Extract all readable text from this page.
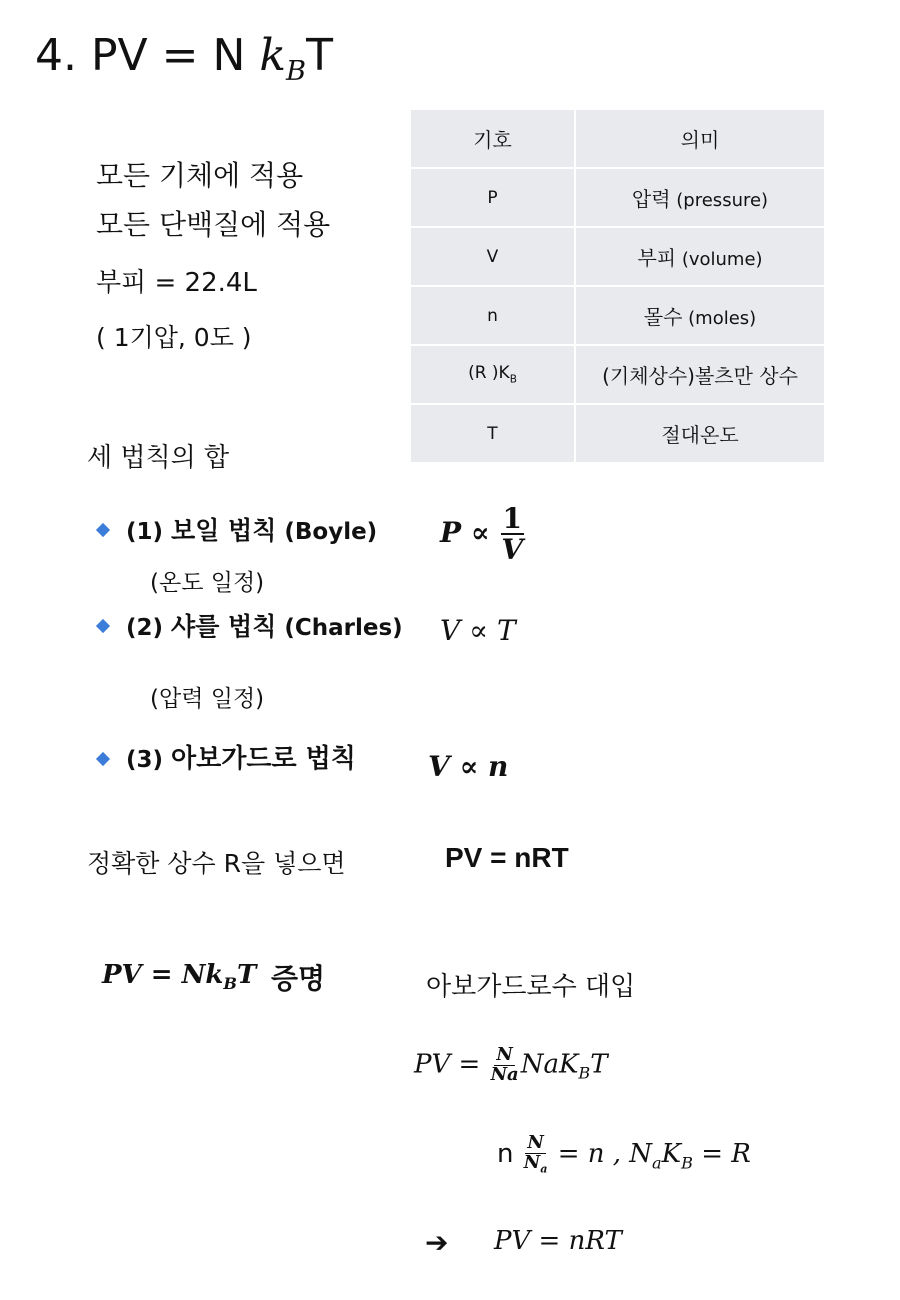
4. PV = N $k_BT$
모든 기체에 적용
모든 단백질에 적용
부피 = 22.4L
( 1기압, 0도 )
기호	의미
P	압력 (pressure)
V	부피 (volume)
n	몰수 (moles)
(R )$K_B$	(기체상수)볼츠만 상수
T	절대온도
세 법칙의 합
(1) 보일 법칙 (Boyle)
(온도 일정)
(2) 샤를 법칙 (Charles)
(압력 일정)
(3) 아보가드로 법칙
$P \propto \frac{1}{V}$
V ∝ T
V ∝ n
정확한 상수 R을 넣으면	PV = nRT
PV = $Nk_BT$ 증명	아보가드로수 대입
PV = $\frac{N}{Na} NaK_BT$
n $\frac{N}{N_a} = n$ , $N_aK_B = R$
➔ PV = nRT
